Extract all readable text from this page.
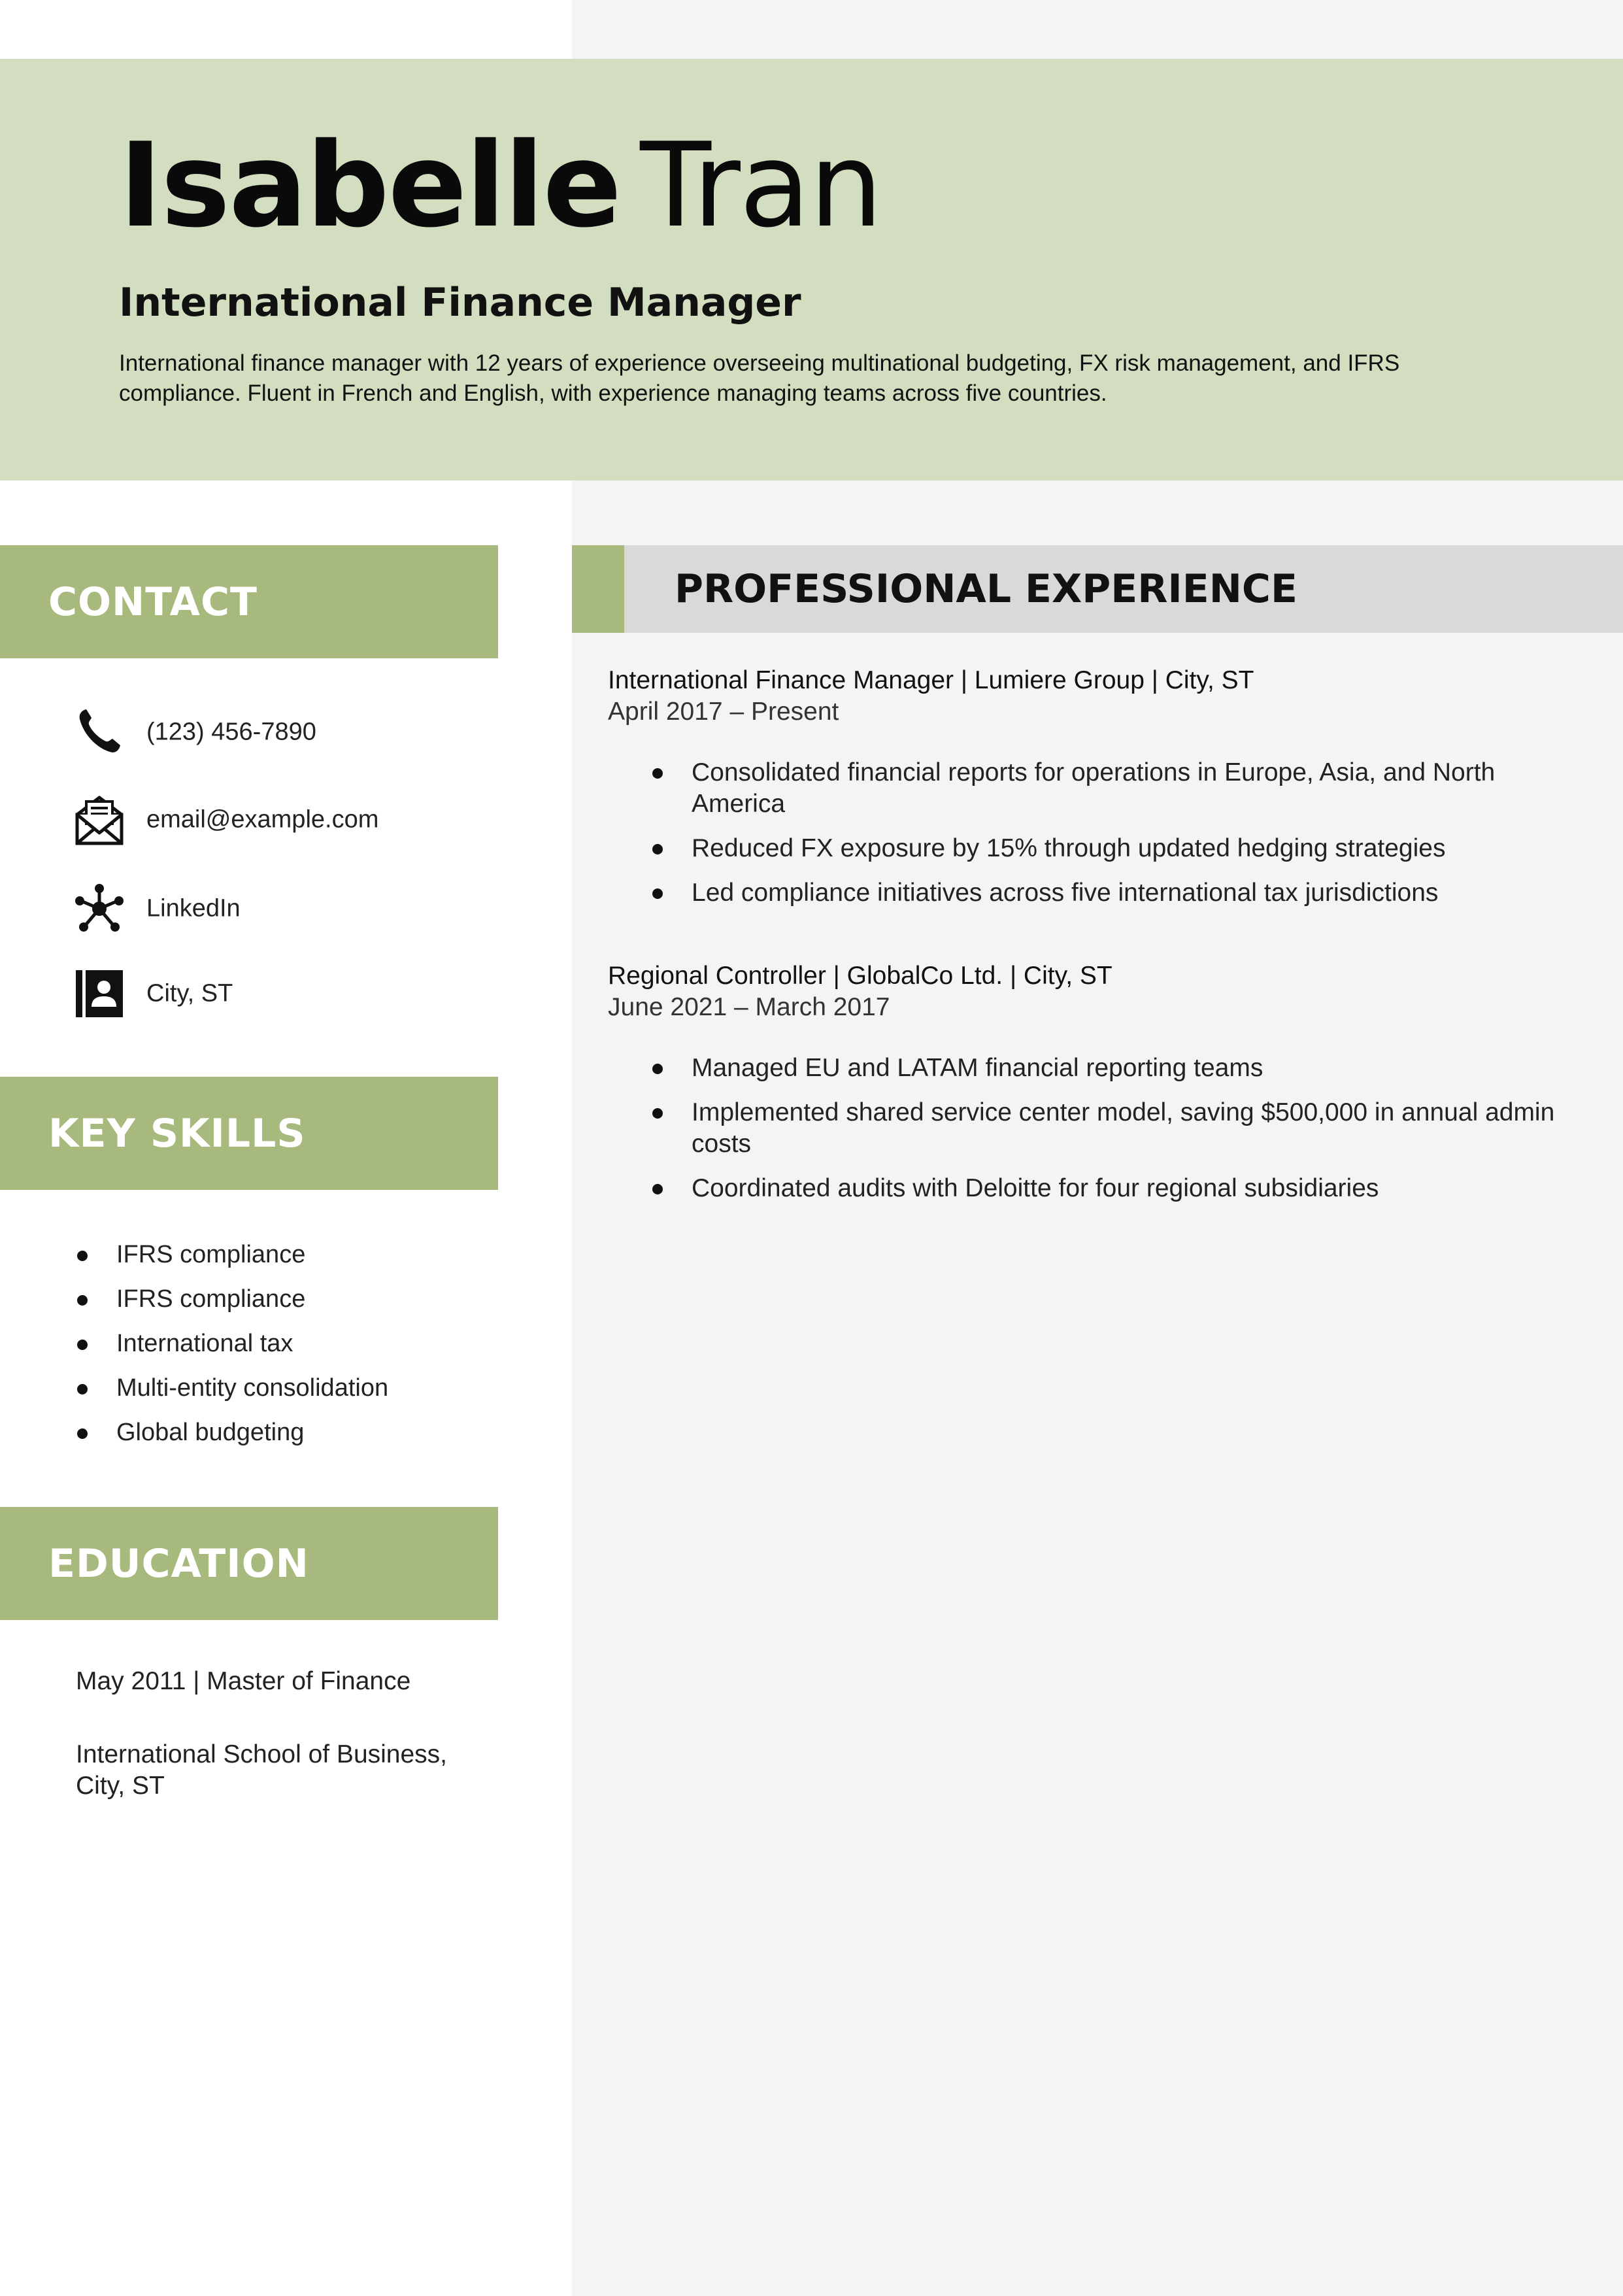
Isabelle Tran
International Finance Manager

International finance manager with 12 years of experience overseeing multinational budgeting, FX risk management, and IFRS compliance. Fluent in French and English, with experience managing teams across five countries.

CONTACT
(123) 456-7890
email@example.com
LinkedIn
City, ST
KEY SKILLS
IFRS compliance
IFRS compliance
International tax
Multi-entity consolidation
Global budgeting
EDUCATION
May 2011 | Master of Finance
International School of Business, City, ST
PROFESSIONAL EXPERIENCE
International Finance Manager | Lumiere Group | City, ST
April 2017 – Present
Consolidated financial reports for operations in Europe, Asia, and North America
Reduced FX exposure by 15% through updated hedging strategies
Led compliance initiatives across five international tax jurisdictions
Regional Controller | GlobalCo Ltd. | City, ST
June 2021 – March 2017
Managed EU and LATAM financial reporting teams
Implemented shared service center model, saving $500,000 in annual admin costs
Coordinated audits with Deloitte for four regional subsidiaries
